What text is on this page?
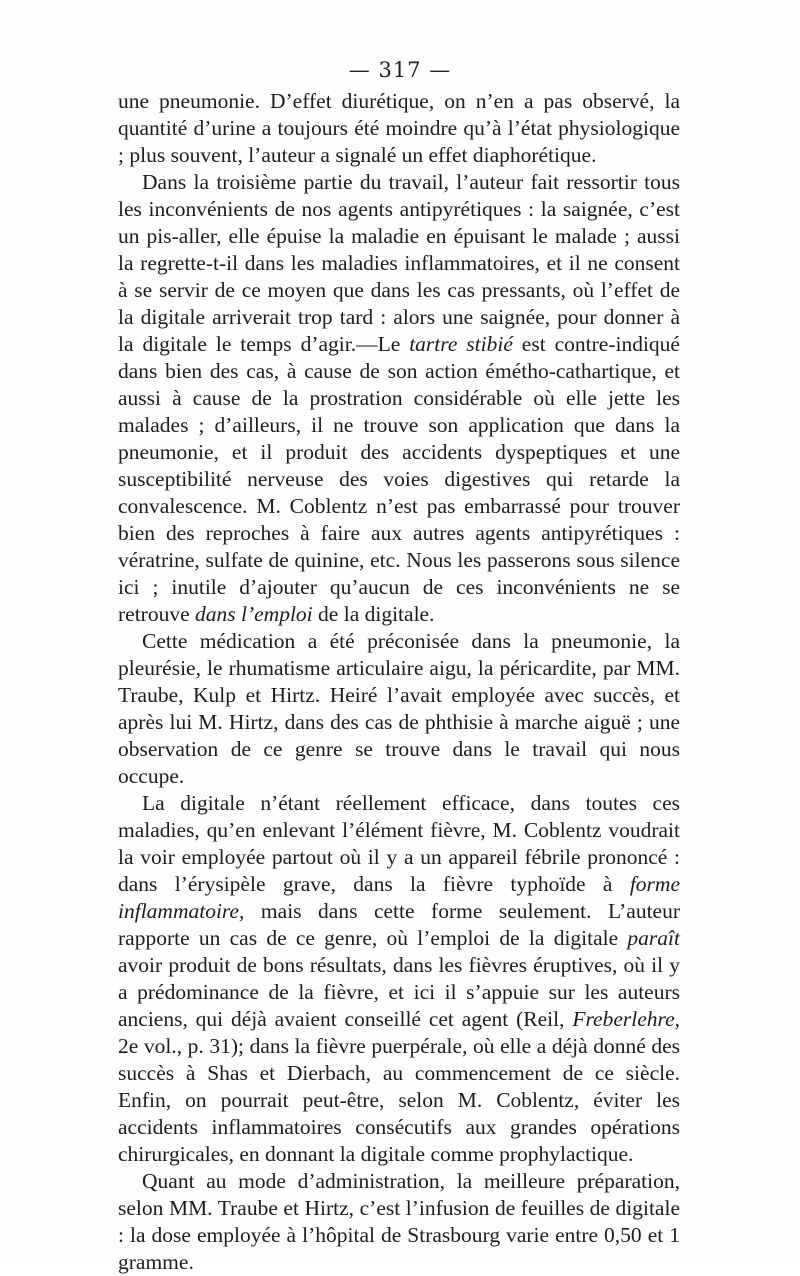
— 317 —

une pneumonie. D’effet diurétique, on n’en a pas observé, la quantité d’urine a toujours été moindre qu’à l’état physiologique ; plus souvent, l’auteur a signalé un effet diaphorétique.

Dans la troisième partie du travail, l’auteur fait ressortir tous les inconvénients de nos agents antipyrétiques : la saignée, c’est un pis-aller, elle épuise la maladie en épuisant le malade ; aussi la regrette-t-il dans les maladies inflammatoires, et il ne consent à se servir de ce moyen que dans les cas pressants, où l’effet de la digitale arriverait trop tard : alors une saignée, pour donner à la digitale le temps d’agir.—Le tartre stibié est contre-indiqué dans bien des cas, à cause de son action émétho-cathartique, et aussi à cause de la prostration considérable où elle jette les malades ; d’ailleurs, il ne trouve son application que dans la pneumonie, et il produit des accidents dyspeptiques et une susceptibilité nerveuse des voies digestives qui retarde la convalescence. M. Coblentz n’est pas embarrassé pour trouver bien des reproches à faire aux autres agents antipyrétiques : vératrine, sulfate de quinine, etc. Nous les passerons sous silence ici ; inutile d’ajouter qu’aucun de ces inconvénients ne se retrouve dans l’emploi de la digitale.

Cette médication a été préconisée dans la pneumonie, la pleurésie, le rhumatisme articulaire aigu, la péricardite, par MM. Traube, Kulp et Hirtz. Heiré l’avait employée avec succès, et après lui M. Hirtz, dans des cas de phthisie à marche aiguë ; une observation de ce genre se trouve dans le travail qui nous occupe.

La digitale n’étant réellement efficace, dans toutes ces maladies, qu’en enlevant l’élément fièvre, M. Coblentz voudrait la voir employée partout où il y a un appareil fébrile prononcé : dans l’érysipèle grave, dans la fièvre typhoïde à forme inflammatoire, mais dans cette forme seulement. L’auteur rapporte un cas de ce genre, où l’emploi de la digitale paraît avoir produit de bons résultats, dans les fièvres éruptives, où il y a prédominance de la fièvre, et ici il s’appuie sur les auteurs anciens, qui déjà avaient conseillé cet agent (Reil, Freberlehre, 2e vol., p. 31); dans la fièvre puerpérale, où elle a déjà donné des succès à Shas et Dierbach, au commencement de ce siècle. Enfin, on pourrait peut-être, selon M. Coblentz, éviter les accidents inflammatoires consécutifs aux grandes opérations chirurgicales, en donnant la digitale comme prophylactique.

Quant au mode d’administration, la meilleure préparation, selon MM. Traube et Hirtz, c’est l’infusion de feuilles de digitale : la dose employée à l’hôpital de Strasbourg varie entre 0,50 et 1 gramme.
